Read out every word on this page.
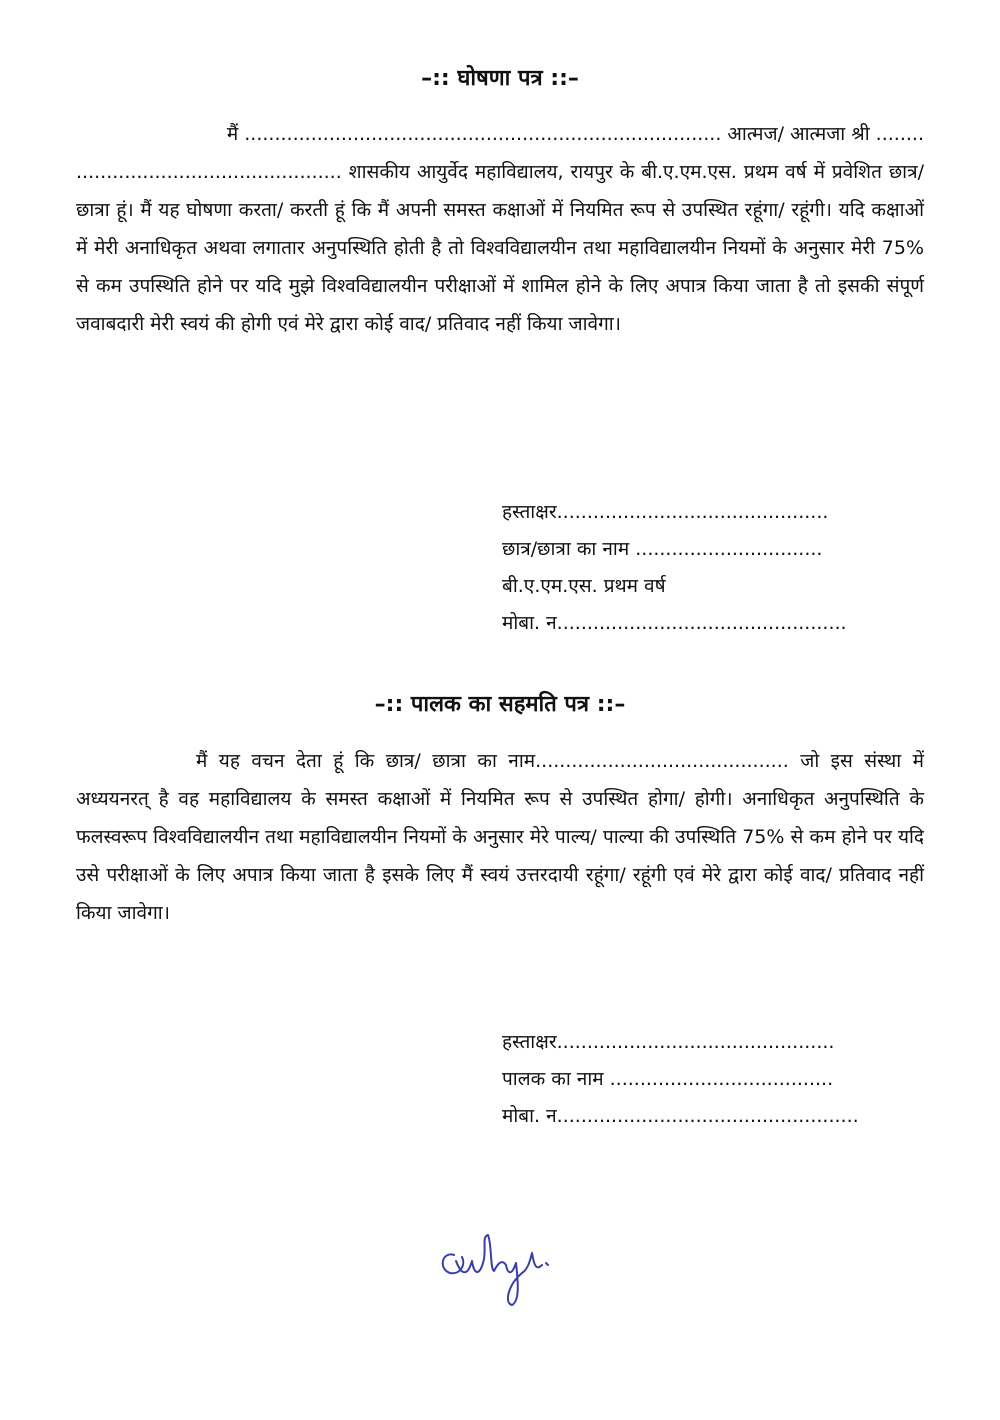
–:: घोषणा पत्र ::–
मैं ............................................................................... आत्मज/ आत्मजा श्री ........
............................................ शासकीय आयुर्वेद महाविद्यालय, रायपुर के बी.ए.एम.एस. प्रथम वर्ष में प्रवेशित छात्र/ छात्रा हूं। मैं यह घोषणा करता/ करती हूं कि मैं अपनी समस्त कक्षाओं में नियमित रूप से उपस्थित रहूंगा/ रहूंगी। यदि कक्षाओं में मेरी अनाधिकृत अथवा लगातार अनुपस्थिति होती है तो विश्वविद्यालयीन तथा महाविद्यालयीन नियमों के अनुसार मेरी 75% से कम उपस्थिति होने पर यदि मुझे विश्वविद्यालयीन परीक्षाओं में शामिल होने के लिए अपात्र किया जाता है तो इसकी संपूर्ण जवाबदारी मेरी स्वयं की होगी एवं मेरे द्वारा कोई वाद/ प्रतिवाद नहीं किया जावेगा।
हस्ताक्षर.............................................
छात्र/छात्रा का नाम ...............................
बी.ए.एम.एस. प्रथम वर्ष
मोबा. न................................................
–:: पालक का सहमति पत्र ::–
मैं यह वचन देता हूं कि छात्र/ छात्रा का नाम.......................................... जो इस संस्था में अध्ययनरत् है वह महाविद्यालय के समस्त कक्षाओं में नियमित रूप से उपस्थित होगा/ होगी। अनाधिकृत अनुपस्थिति के फलस्वरूप विश्वविद्यालयीन तथा महाविद्यालयीन नियमों के अनुसार मेरे पाल्य/ पाल्या की उपस्थिति 75% से कम होने पर यदि उसे परीक्षाओं के लिए अपात्र किया जाता है इसके लिए मैं स्वयं उत्तरदायी रहूंगा/ रहूंगी एवं मेरे द्वारा कोई वाद/ प्रतिवाद नहीं किया जावेगा।
हस्ताक्षर..............................................
पालक का नाम .....................................
मोबा. न..................................................
